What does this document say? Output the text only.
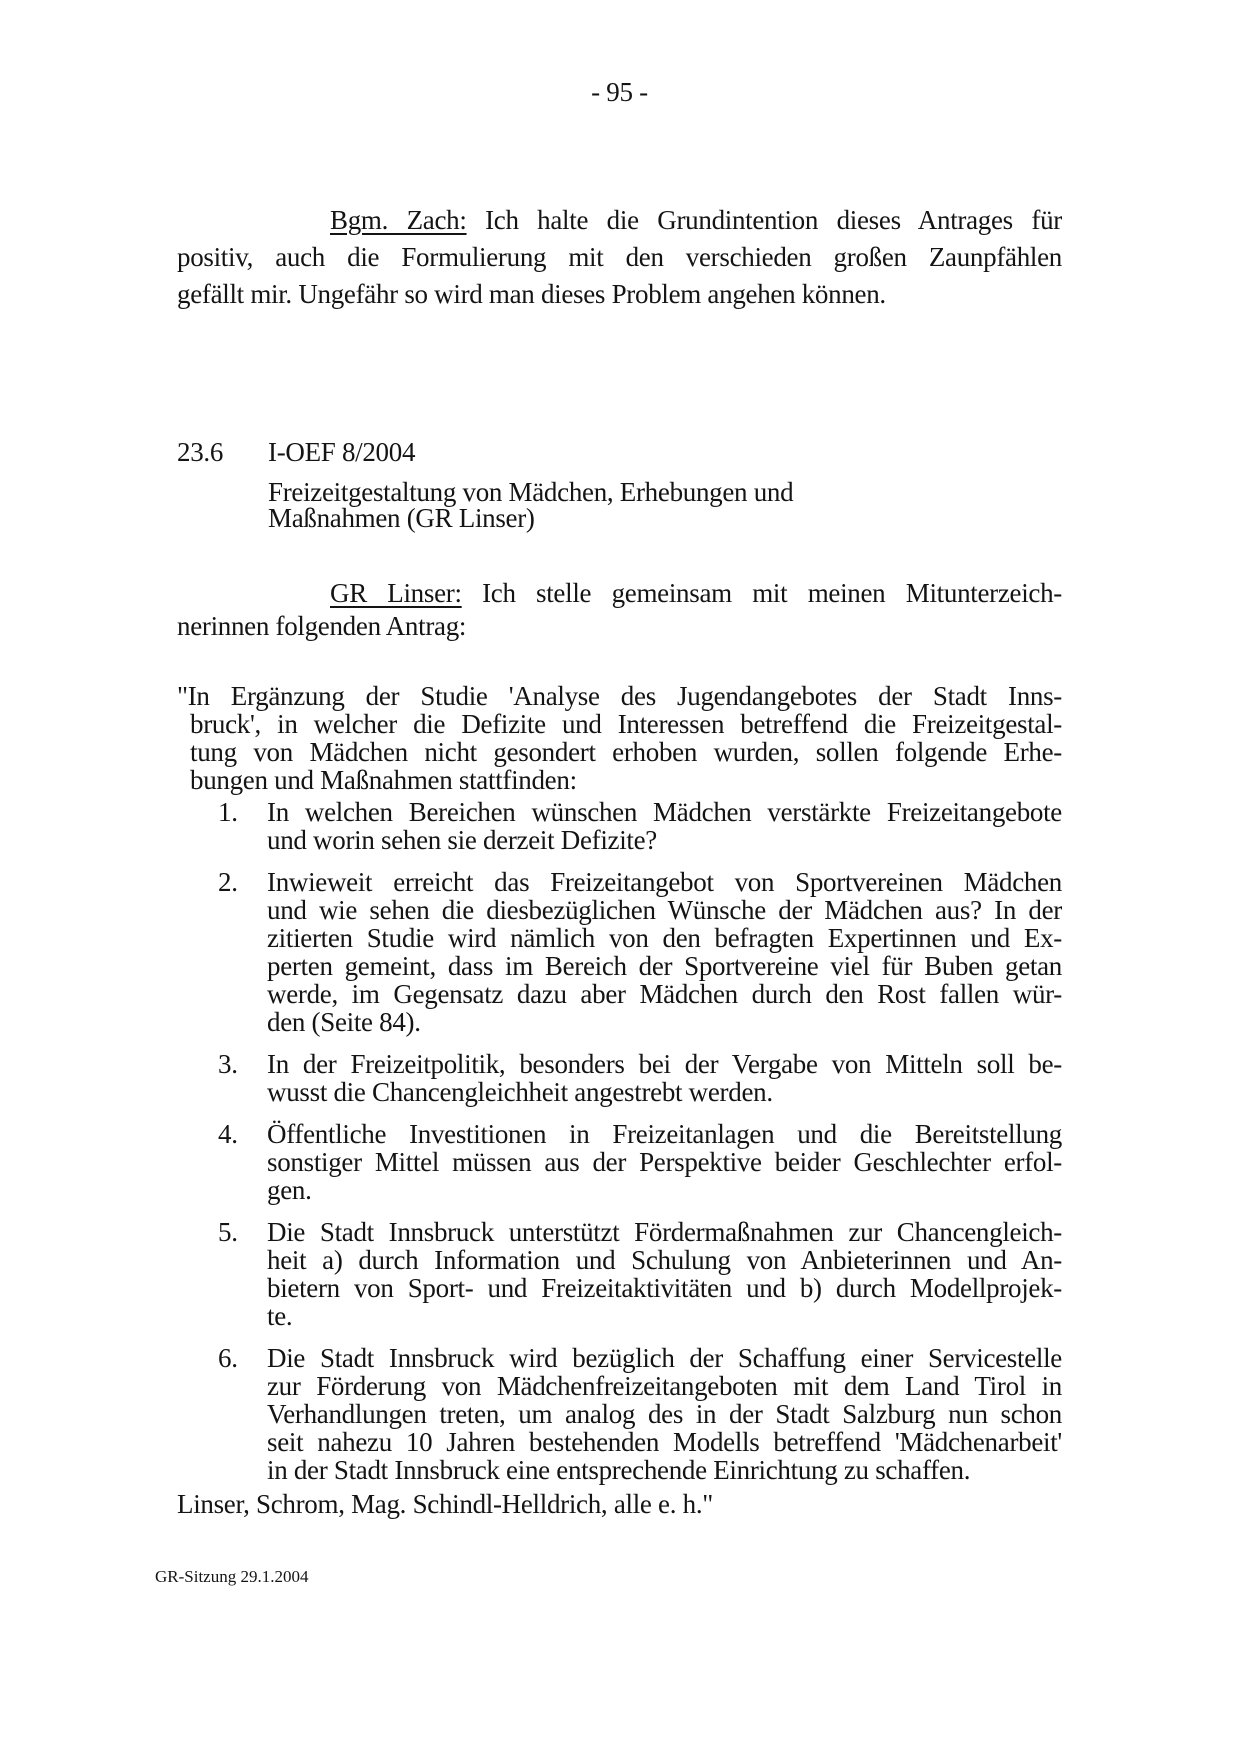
- 95 -
Bgm. Zach: Ich halte die Grundintention dieses Antrages für
positiv, auch die Formulierung mit den verschieden großen Zaunpfählen
gefällt mir. Ungefähr so wird man dieses Problem angehen können.
23.6 I-OEF 8/2004
Freizeitgestaltung von Mädchen, Erhebungen und
Maßnahmen (GR Linser)
GR Linser: Ich stelle gemeinsam mit meinen Mitunterzeich-
nerinnen folgenden Antrag:
"In Ergänzung der Studie 'Analyse des Jugendangebotes der Stadt Inns-
bruck', in welcher die Defizite und Interessen betreffend die Freizeitgestal-
tung von Mädchen nicht gesondert erhoben wurden, sollen folgende Erhe-
bungen und Maßnahmen stattfinden:
1.	In welchen Bereichen wünschen Mädchen verstärkte Freizeitangebote
und worin sehen sie derzeit Defizite?
2.	Inwieweit erreicht das Freizeitangebot von Sportvereinen Mädchen
und wie sehen die diesbezüglichen Wünsche der Mädchen aus? In der
zitierten Studie wird nämlich von den befragten Expertinnen und Ex-
perten gemeint, dass im Bereich der Sportvereine viel für Buben getan
werde, im Gegensatz dazu aber Mädchen durch den Rost fallen wür-
den (Seite 84).
3.	In der Freizeitpolitik, besonders bei der Vergabe von Mitteln soll be-
wusst die Chancengleichheit angestrebt werden.
4.	Öffentliche Investitionen in Freizeitanlagen und die Bereitstellung
sonstiger Mittel müssen aus der Perspektive beider Geschlechter erfol-
gen.
5.	Die Stadt Innsbruck unterstützt Fördermaßnahmen zur Chancengleich-
heit a) durch Information und Schulung von Anbieterinnen und An-
bietern von Sport- und Freizeitaktivitäten und b) durch Modellprojek-
te.
6.	Die Stadt Innsbruck wird bezüglich der Schaffung einer Servicestelle
zur Förderung von Mädchenfreizeitangeboten mit dem Land Tirol in
Verhandlungen treten, um analog des in der Stadt Salzburg nun schon
seit nahezu 10 Jahren bestehenden Modells betreffend 'Mädchenarbeit'
in der Stadt Innsbruck eine entsprechende Einrichtung zu schaffen.
Linser, Schrom, Mag. Schindl-Helldrich, alle e. h."
GR-Sitzung 29.1.2004
